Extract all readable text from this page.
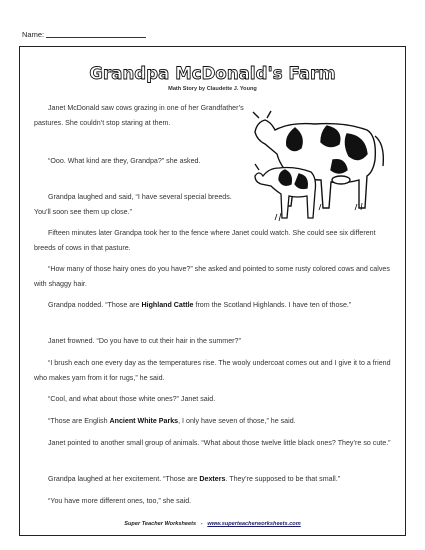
Name:
Grandpa McDonald's Farm
Math Story by Claudette J. Young

Janet McDonald saw cows grazing in one of her Grandfather’s pastures. She couldn’t stop staring at them.

“Ooo. What kind are they, Grandpa?” she asked.

Grandpa laughed and said, “I have several special breeds. You’ll soon see them up close.”

Fifteen minutes later Grandpa took her to the fence where Janet could watch. She could see six different breeds of cows in that pasture.

“How many of those hairy ones do you have?” she asked and pointed to some rusty colored cows and calves with shaggy hair.

Grandpa nodded. “Those are Highland Cattle from the Scotland Highlands. I have ten of those.”

Janet frowned. “Do you have to cut their hair in the summer?”

“I brush each one every day as the temperatures rise. The wooly undercoat comes out and I give it to a friend who makes yarn from it for rugs,” he said.

“Cool, and what about those white ones?” Janet said.

“Those are English Ancient White Parks, I only have seven of those,” he said.

Janet pointed to another small group of animals. “What about those twelve little black ones? They’re so cute.”

Grandpa laughed at her excitement. “Those are Dexters. They’re supposed to be that small.”

“You have more different ones, too,” she said.

Super Teacher Worksheets - www.superteacherworksheets.com
